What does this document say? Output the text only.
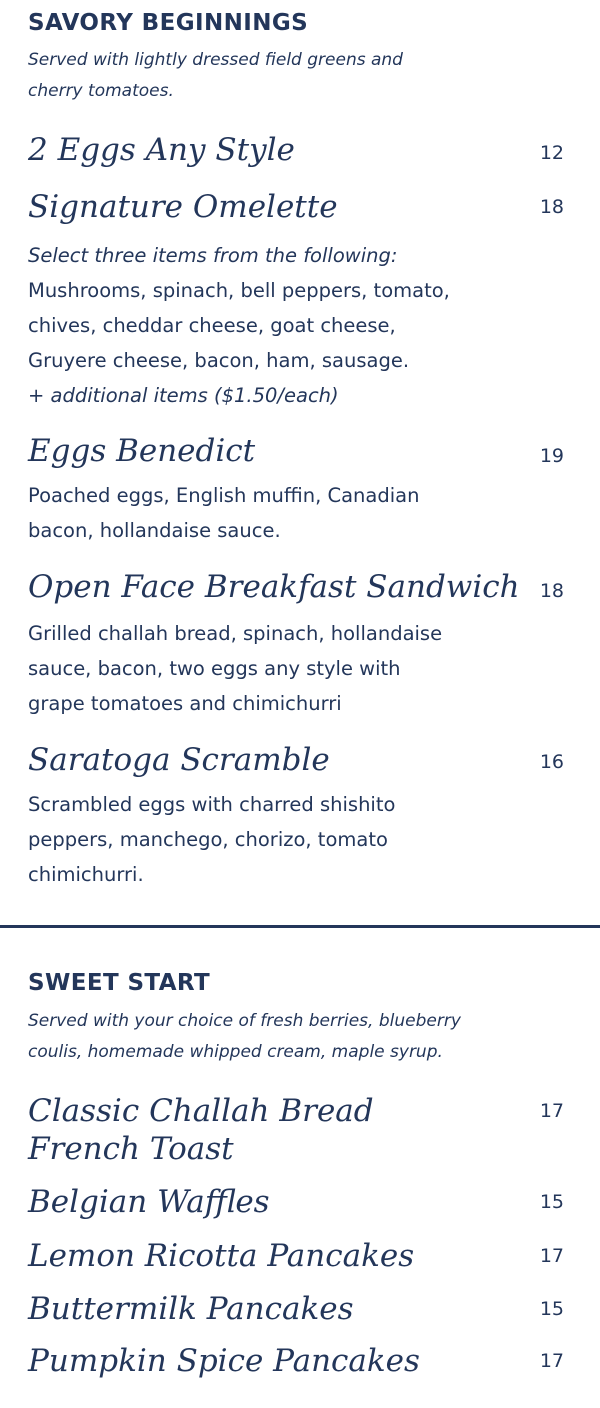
SAVORY BEGINNINGS
Served with lightly dressed field greens and
cherry tomatoes.
2 Eggs Any Style	12
Signature Omelette	18
Select three items from the following:
Mushrooms, spinach, bell peppers, tomato,
chives, cheddar cheese, goat cheese,
Gruyere cheese, bacon, ham, sausage.
+ additional items ($1.50/each)
Eggs Benedict	19
Poached eggs, English muffin, Canadian
bacon, hollandaise sauce.
Open Face Breakfast Sandwich 18
Grilled challah bread, spinach, hollandaise
sauce, bacon, two eggs any style with
grape tomatoes and chimichurri
Saratoga Scramble	16
Scrambled eggs with charred shishito
peppers, manchego, chorizo, tomato
chimichurri.
SWEET START
Served with your choice of fresh berries, blueberry
coulis, homemade whipped cream, maple syrup.
Classic Challah Bread
French Toast
17
Belgian Waffles	15
Lemon Ricotta Pancakes	17
Buttermilk Pancakes	15
Pumpkin Spice Pancakes	17
